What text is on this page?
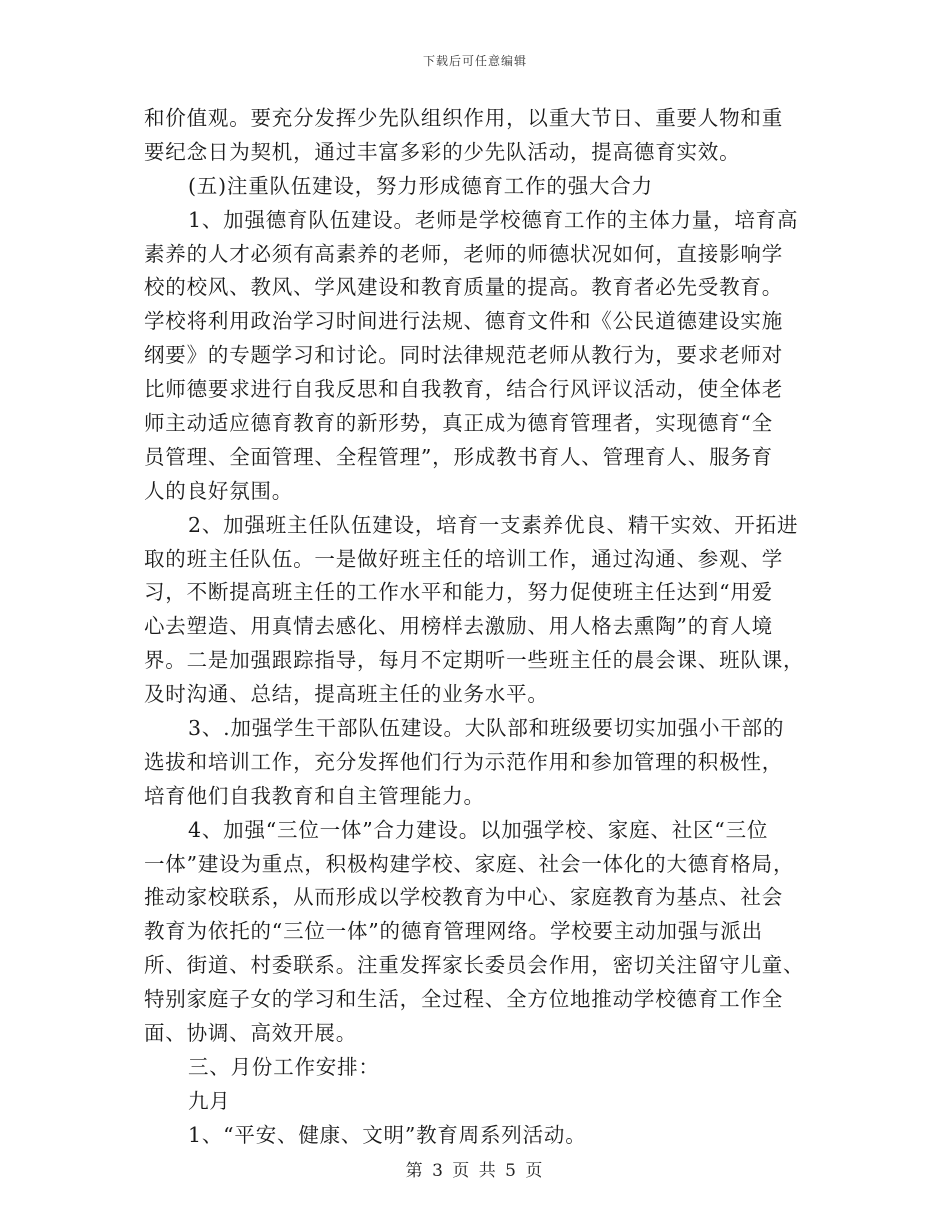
下载后可任意编辑
和价值观。要充分发挥少先队组织作用，以重大节日、重要人物和重
要纪念日为契机，通过丰富多彩的少先队活动，提高德育实效。
(五)注重队伍建设，努力形成德育工作的强大合力
1、加强德育队伍建设。老师是学校德育工作的主体力量，培育高
素养的人才必须有高素养的老师，老师的师德状况如何，直接影响学
校的校风、教风、学风建设和教育质量的提高。教育者必先受教育。
学校将利用政治学习时间进行法规、德育文件和《公民道德建设实施
纲要》的专题学习和讨论。同时法律规范老师从教行为，要求老师对
比师德要求进行自我反思和自我教育，结合行风评议活动，使全体老
师主动适应德育教育的新形势，真正成为德育管理者，实现德育“全
员管理、全面管理、全程管理”，形成教书育人、管理育人、服务育
人的良好氛围。
2、加强班主任队伍建设，培育一支素养优良、精干实效、开拓进
取的班主任队伍。一是做好班主任的培训工作，通过沟通、参观、学
习，不断提高班主任的工作水平和能力，努力促使班主任达到“用爱
心去塑造、用真情去感化、用榜样去激励、用人格去熏陶”的育人境
界。二是加强跟踪指导，每月不定期听一些班主任的晨会课、班队课，
及时沟通、总结，提高班主任的业务水平。
3、.加强学生干部队伍建设。大队部和班级要切实加强小干部的
选拔和培训工作，充分发挥他们行为示范作用和参加管理的积极性，
培育他们自我教育和自主管理能力。
4、加强“三位一体”合力建设。以加强学校、家庭、社区“三位
一体”建设为重点，积极构建学校、家庭、社会一体化的大德育格局，
推动家校联系，从而形成以学校教育为中心、家庭教育为基点、社会
教育为依托的“三位一体”的德育管理网络。学校要主动加强与派出
所、街道、村委联系。注重发挥家长委员会作用，密切关注留守儿童、
特别家庭子女的学习和生活，全过程、全方位地推动学校德育工作全
面、协调、高效开展。
三、月份工作安排：
九月
1、“平安、健康、文明”教育周系列活动。
第 3 页 共 5 页
